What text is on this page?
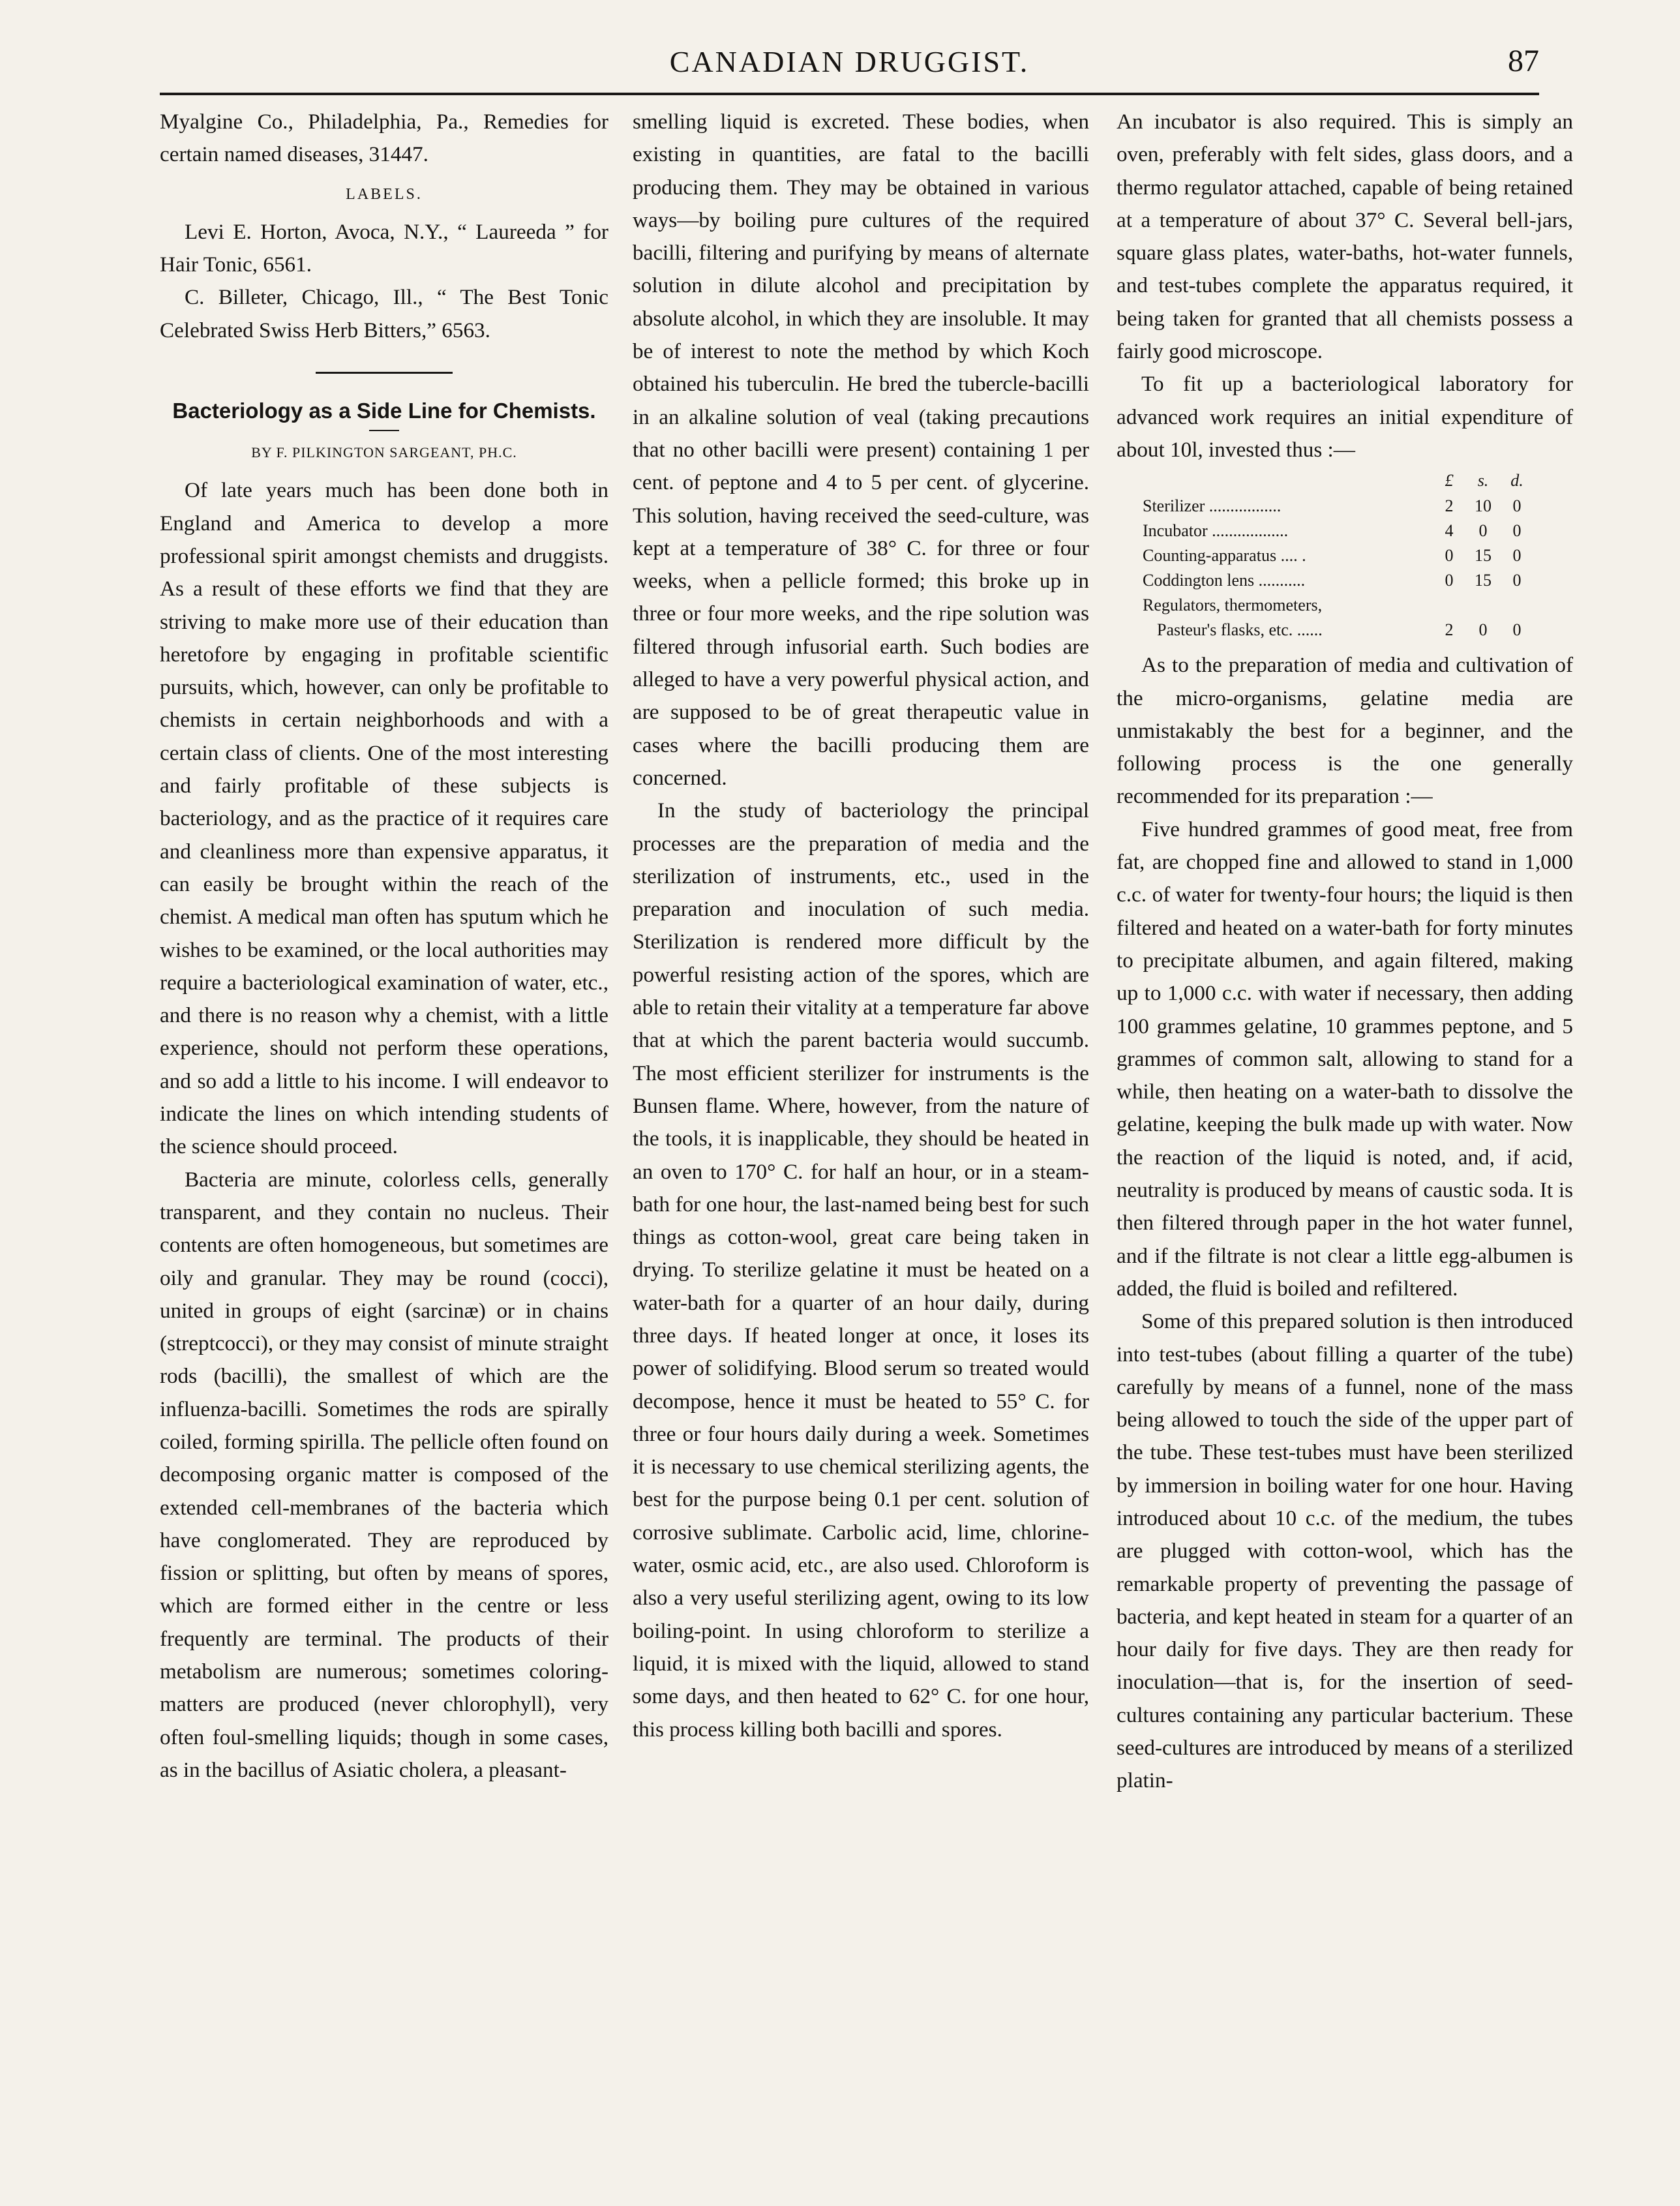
CANADIAN DRUGGIST.	87

Myalgine Co., Philadelphia, Pa., Remedies for certain named diseases, 31447.

LABELS.

Levi E. Horton, Avoca, N.Y., “ Laureeda ” for Hair Tonic, 6561.

C. Billeter, Chicago, Ill., “ The Best Tonic Celebrated Swiss Herb Bitters,” 6563.

Bacteriology as a Side Line for Chemists.
BY F. PILKINGTON SARGEANT, PH.C.

Of late years much has been done both in England and America to develop a more professional spirit amongst chemists and druggists. As a result of these efforts we find that they are striving to make more use of their education than heretofore by engaging in profitable scientific pursuits, which, however, can only be profitable to chemists in certain neighborhoods and with a certain class of clients. One of the most interesting and fairly profitable of these subjects is bacteriology, and as the practice of it requires care and cleanliness more than expensive apparatus, it can easily be brought within the reach of the chemist. A medical man often has sputum which he wishes to be examined, or the local authorities may require a bacteriological examination of water, etc., and there is no reason why a chemist, with a little experience, should not perform these operations, and so add a little to his income. I will endeavor to indicate the lines on which intending students of the science should proceed.

Bacteria are minute, colorless cells, generally transparent, and they contain no nucleus. Their contents are often homogeneous, but sometimes are oily and granular. They may be round (cocci), united in groups of eight (sarcinæ) or in chains (streptcocci), or they may consist of minute straight rods (bacilli), the smallest of which are the influenza-bacilli. Sometimes the rods are spirally coiled, forming spirilla. The pellicle often found on decomposing organic matter is composed of the extended cell-membranes of the bacteria which have conglomerated. They are reproduced by fission or splitting, but often by means of spores, which are formed either in the centre or less frequently are terminal. The products of their metabolism are numerous; sometimes coloring-matters are produced (never chlorophyll), very often foul-smelling liquids; though in some cases, as in the bacillus of Asiatic cholera, a pleasant-

smelling liquid is excreted. These bodies, when existing in quantities, are fatal to the bacilli producing them. They may be obtained in various ways—by boiling pure cultures of the required bacilli, filtering and purifying by means of alternate solution in dilute alcohol and precipitation by absolute alcohol, in which they are insoluble. It may be of interest to note the method by which Koch obtained his tuberculin. He bred the tubercle-bacilli in an alkaline solution of veal (taking precautions that no other bacilli were present) containing 1 per cent. of peptone and 4 to 5 per cent. of glycerine. This solution, having received the seed-culture, was kept at a temperature of 38° C. for three or four weeks, when a pellicle formed; this broke up in three or four more weeks, and the ripe solution was filtered through infusorial earth. Such bodies are alleged to have a very powerful physical action, and are supposed to be of great therapeutic value in cases where the bacilli producing them are concerned.

In the study of bacteriology the principal processes are the preparation of media and the sterilization of instruments, etc., used in the preparation and inoculation of such media. Sterilization is rendered more difficult by the powerful resisting action of the spores, which are able to retain their vitality at a temperature far above that at which the parent bacteria would succumb. The most efficient sterilizer for instruments is the Bunsen flame. Where, however, from the nature of the tools, it is inapplicable, they should be heated in an oven to 170° C. for half an hour, or in a steam-bath for one hour, the last-named being best for such things as cotton-wool, great care being taken in drying. To sterilize gelatine it must be heated on a water-bath for a quarter of an hour daily, during three days. If heated longer at once, it loses its power of solidifying. Blood serum so treated would decompose, hence it must be heated to 55° C. for three or four hours daily during a week. Sometimes it is necessary to use chemical sterilizing agents, the best for the purpose being 0.1 per cent. solution of corrosive sublimate. Carbolic acid, lime, chlorine-water, osmic acid, etc., are also used. Chloroform is also a very useful sterilizing agent, owing to its low boiling-point. In using chloroform to sterilize a liquid, it is mixed with the liquid, allowed to stand some days, and then heated to 62° C. for one hour, this process killing both bacilli and spores.

An incubator is also required. This is simply an oven, preferably with felt sides, glass doors, and a thermo regulator attached, capable of being retained at a temperature of about 37° C. Several bell-jars, square glass plates, water-baths, hot-water funnels, and test-tubes complete the apparatus required, it being taken for granted that all chemists possess a fairly good microscope.

To fit up a bacteriological laboratory for advanced work requires an initial expenditure of about 10l, invested thus :—

	£	s.	d.
Sterilizer .................	2	10	0
Incubator ..................	4	0	0
Counting-apparatus .... .	0	15	0
Coddington lens ...........	0	15	0
Regulators, thermometers,			
Pasteur's flasks, etc. ......	2	0	0

As to the preparation of media and cultivation of the micro-organisms, gelatine media are unmistakably the best for a beginner, and the following process is the one generally recommended for its preparation :—

Five hundred grammes of good meat, free from fat, are chopped fine and allowed to stand in 1,000 c.c. of water for twenty-four hours; the liquid is then filtered and heated on a water-bath for forty minutes to precipitate albumen, and again filtered, making up to 1,000 c.c. with water if necessary, then adding 100 grammes gelatine, 10 grammes peptone, and 5 grammes of common salt, allowing to stand for a while, then heating on a water-bath to dissolve the gelatine, keeping the bulk made up with water. Now the reaction of the liquid is noted, and, if acid, neutrality is produced by means of caustic soda. It is then filtered through paper in the hot water funnel, and if the filtrate is not clear a little egg-albumen is added, the fluid is boiled and refiltered.

Some of this prepared solution is then introduced into test-tubes (about filling a quarter of the tube) carefully by means of a funnel, none of the mass being allowed to touch the side of the upper part of the tube. These test-tubes must have been sterilized by immersion in boiling water for one hour. Having introduced about 10 c.c. of the medium, the tubes are plugged with cotton-wool, which has the remarkable property of preventing the passage of bacteria, and kept heated in steam for a quarter of an hour daily for five days. They are then ready for inoculation—that is, for the insertion of seed-cultures containing any particular bacterium. These seed-cultures are introduced by means of a sterilized platin-
